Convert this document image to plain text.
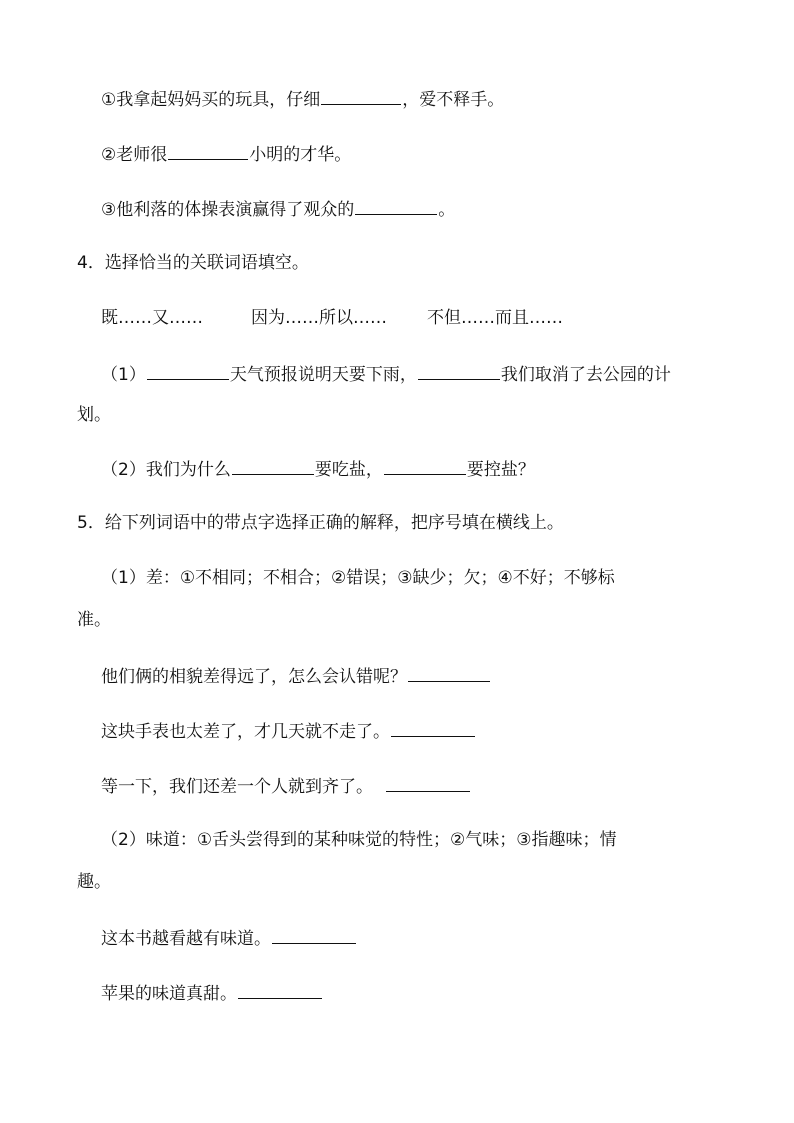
①我拿起妈妈买的玩具，仔细	，爱不释手。
②老师很	小明的才华。
③他利落的体操表演赢得了观众的	。
4．选择恰当的关联词语填空。
既……又……	因为……所以…… 不但……而且……
（1）	天气预报说明天要下雨，	我们取消了去公园的计
划。
（2）我们为什么	要吃盐，	要控盐？
5．给下列词语中的带点字选择正确的解释，把序号填在横线上。
（1）差：①不相同；不相合；②错误；③缺少；欠；④不好；不够标
准。
他们俩的相貌差得远了，怎么会认错呢？
这块手表也太差了，才几天就不走了。
等一下，我们还差一个人就到齐了。
（2）味道：①舌头尝得到的某种味觉的特性；②气味；③指趣味；情
趣。
这本书越看越有味道。
苹果的味道真甜。
